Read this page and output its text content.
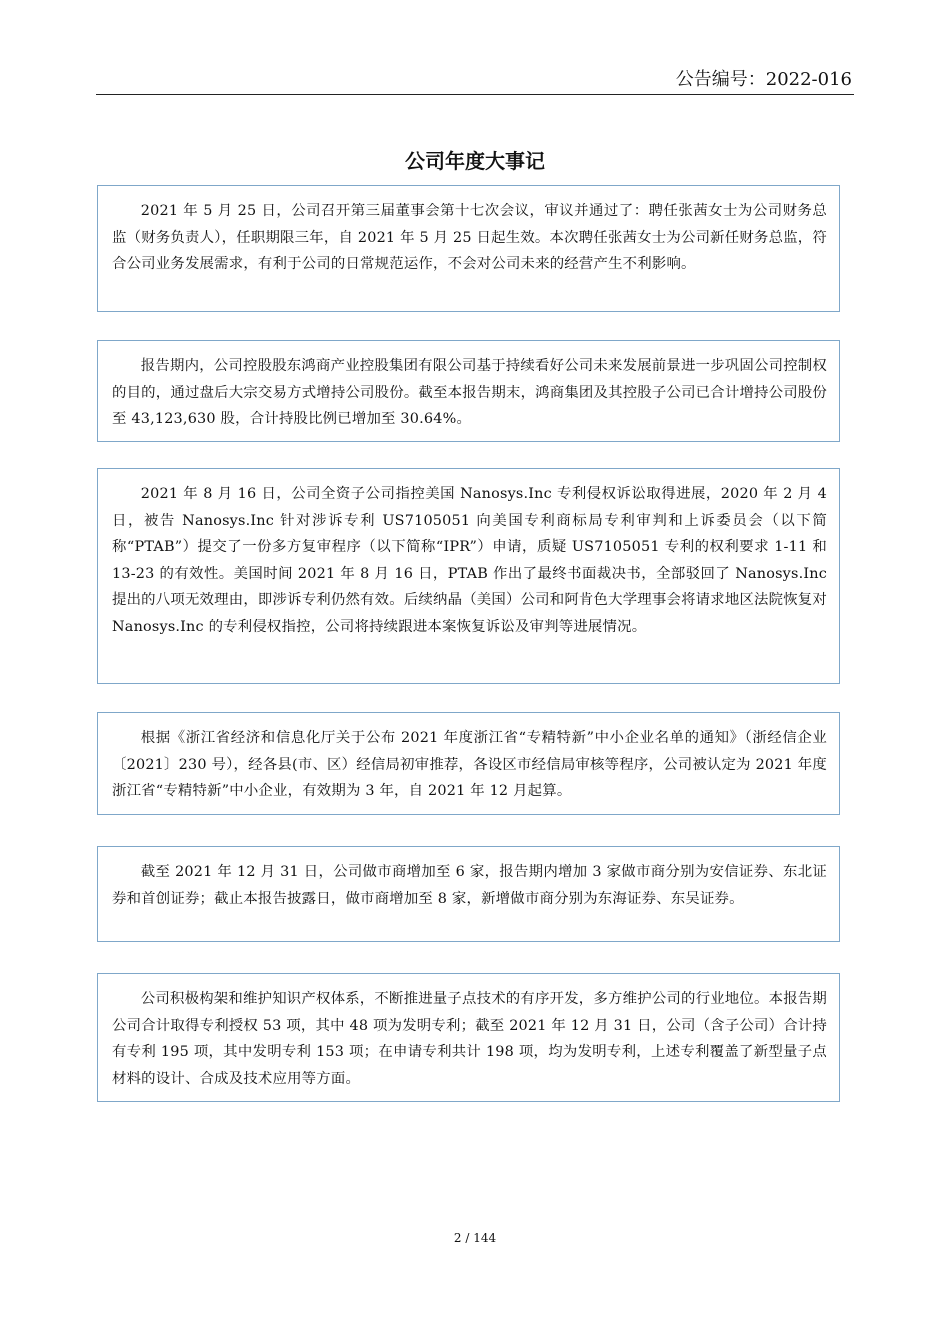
公告编号：2022-016
公司年度大事记

2021 年 5 月 25 日，公司召开第三届董事会第十七次会议，审议并通过了：聘任张茜女士为公司财务总监（财务负责人），任职期限三年，自 2021 年 5 月 25 日起生效。本次聘任张茜女士为公司新任财务总监，符合公司业务发展需求，有利于公司的日常规范运作，不会对公司未来的经营产生不利影响。

报告期内，公司控股股东鸿商产业控股集团有限公司基于持续看好公司未来发展前景进一步巩固公司控制权的目的，通过盘后大宗交易方式增持公司股份。截至本报告期末，鸿商集团及其控股子公司已合计增持公司股份至 43,123,630 股，合计持股比例已增加至 30.64%。

2021 年 8 月 16 日，公司全资子公司指控美国 Nanosys.Inc 专利侵权诉讼取得进展，2020 年 2 月 4 日，被告 Nanosys.Inc 针对涉诉专利 US7105051 向美国专利商标局专利审判和上诉委员会（以下简称“PTAB”）提交了一份多方复审程序（以下简称“IPR”）申请，质疑 US7105051 专利的权利要求 1-11 和 13-23 的有效性。美国时间 2021 年 8 月 16 日，PTAB 作出了最终书面裁决书，全部驳回了 Nanosys.Inc 提出的八项无效理由，即涉诉专利仍然有效。后续纳晶（美国）公司和阿肯色大学理事会将请求地区法院恢复对 Nanosys.Inc 的专利侵权指控，公司将持续跟进本案恢复诉讼及审判等进展情况。

根据《浙江省经济和信息化厅关于公布 2021 年度浙江省“专精特新”中小企业名单的通知》（浙经信企业〔2021〕230 号），经各县(市、区）经信局初审推荐，各设区市经信局审核等程序，公司被认定为 2021 年度浙江省“专精特新”中小企业，有效期为 3 年，自 2021 年 12 月起算。

截至 2021 年 12 月 31 日，公司做市商增加至 6 家，报告期内增加 3 家做市商分别为安信证券、东北证券和首创证券；截止本报告披露日，做市商增加至 8 家，新增做市商分别为东海证券、东吴证券。

公司积极构架和维护知识产权体系，不断推进量子点技术的有序开发，多方维护公司的行业地位。本报告期公司合计取得专利授权 53 项，其中 48 项为发明专利；截至 2021 年 12 月 31 日，公司（含子公司）合计持有专利 195 项，其中发明专利 153 项；在申请专利共计 198 项，均为发明专利，上述专利覆盖了新型量子点材料的设计、合成及技术应用等方面。

2 / 144
